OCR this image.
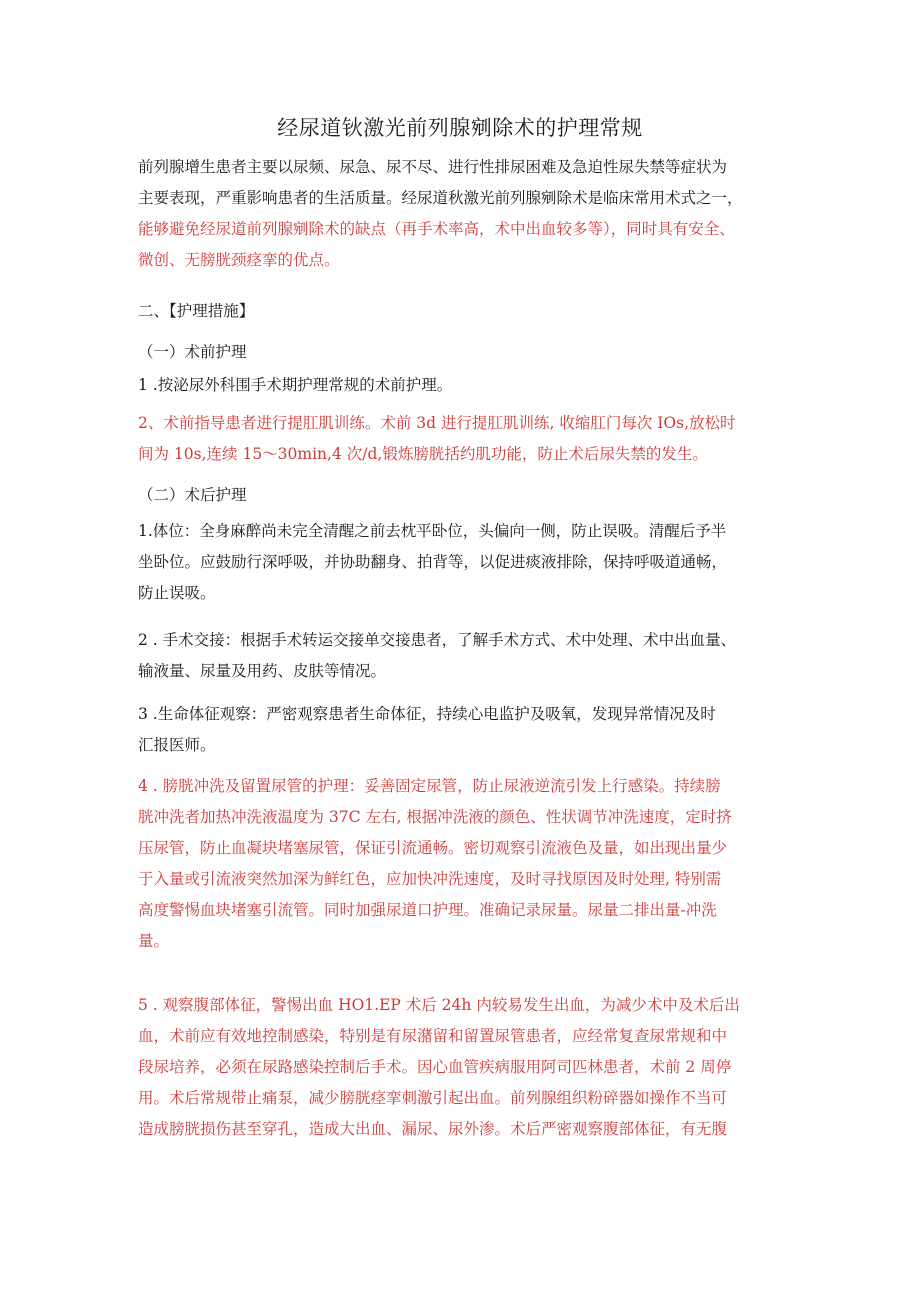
经尿道钬激光前列腺剜除术的护理常规
前列腺增生患者主要以尿频、尿急、尿不尽、进行性排尿困难及急迫性尿失禁等症状为
主要表现，严重影响患者的生活质量。经尿道秋激光前列腺剜除术是临床常用术式之一，
能够避免经尿道前列腺剜除术的缺点（再手术率高，术中出血较多等），同时具有安全、
微创、无膀胱颈痉挛的优点。
二、【护理措施】
（一）术前护理
1 .按泌尿外科围手术期护理常规的术前护理。
2、术前指导患者进行提肛肌训练。术前 3d 进行提肛肌训练, 收缩肛门每次 IOs,放松时
间为 10s,连续 15～30min,4 次/d,锻炼膀胱括约肌功能，防止术后尿失禁的发生。
（二）术后护理
1.体位：全身麻醉尚未完全清醒之前去枕平卧位，头偏向一侧，防止误吸。清醒后予半
坐卧位。应鼓励行深呼吸，并协助翻身、拍背等，以促进痰液排除，保持呼吸道通畅，
防止误吸。
2 . 手术交接：根据手术转运交接单交接患者，了解手术方式、术中处理、术中出血量、
输液量、尿量及用药、皮肤等情况。
3 .生命体征观察：严密观察患者生命体征，持续心电监护及吸氧，发现异常情况及时
汇报医师。
4 . 膀胱冲洗及留置尿管的护理：妥善固定尿管，防止尿液逆流引发上行感染。持续膀
胱冲洗者加热冲洗液温度为 37C 左右, 根据冲洗液的颜色、性状调节冲洗速度，定时挤
压尿管，防止血凝块堵塞尿管，保证引流通畅。密切观察引流液色及量，如出现出量少
于入量或引流液突然加深为鲜红色，应加快冲洗速度，及时寻找原因及时处理, 特别需
高度警惕血块堵塞引流管。同时加强尿道口护理。准确记录尿量。尿量二排出量-冲洗
量。
5 . 观察腹部体征，警惕出血 HO1.EP 术后 24h 内较易发生出血，为减少术中及术后出
血，术前应有效地控制感染，特别是有尿潴留和留置尿管患者，应经常复查尿常规和中
段尿培养，必须在尿路感染控制后手术。因心血管疾病服用阿司匹林患者，术前 2 周停
用。术后常规带止痛泵，减少膀胱痉挛刺激引起出血。前列腺组织粉碎器如操作不当可
造成膀胱损伤甚至穿孔，造成大出血、漏尿、尿外渗。术后严密观察腹部体征，有无腹
